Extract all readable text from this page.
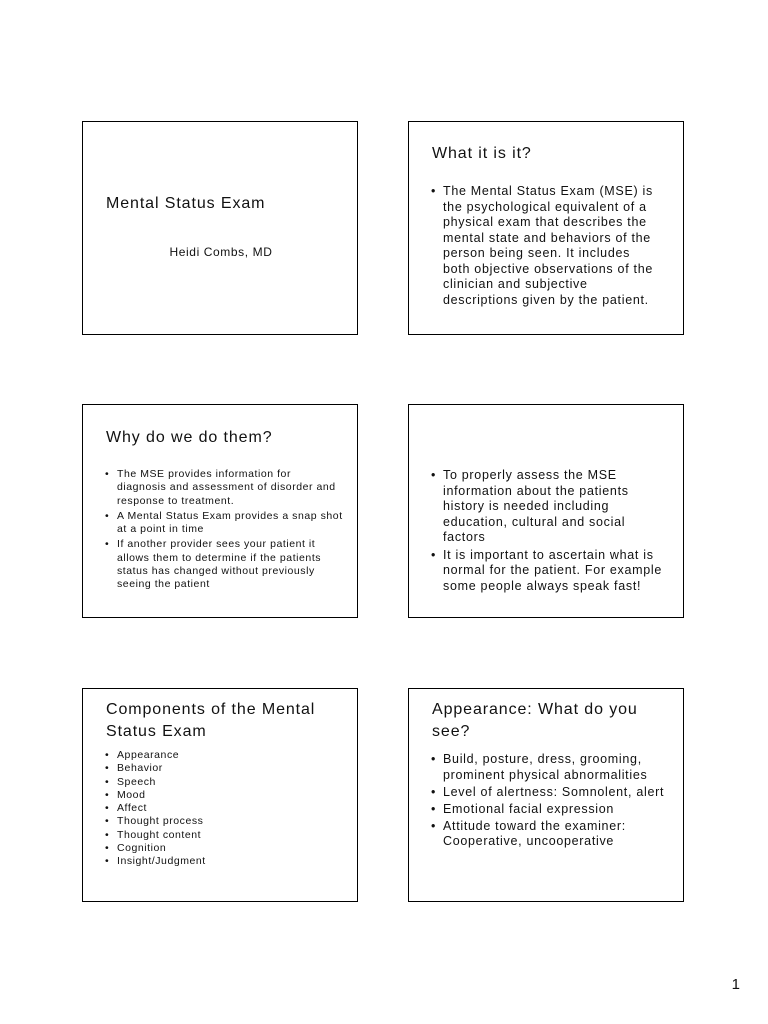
Mental Status Exam

Heidi Combs, MD

What it is it?
• The Mental Status Exam (MSE) is the psychological equivalent of a physical exam that describes the mental state and behaviors of the person being seen. It includes both objective observations of the clinician and subjective descriptions given by the patient.
Why do we do them?
• The MSE provides information for diagnosis and assessment of disorder and response to treatment.
• A Mental Status Exam provides a snap shot at a point in time
• If another provider sees your patient it allows them to determine if the patients status has changed without previously seeing the patient
• To properly assess the MSE information about the patients history is needed including education, cultural and social factors
• It is important to ascertain what is normal for the patient. For example some people always speak fast!
Components of the Mental Status Exam
• Appearance
• Behavior
• Speech
• Mood
• Affect
• Thought process
• Thought content
• Cognition
• Insight/Judgment
Appearance: What do you see?
• Build, posture, dress, grooming, prominent physical abnormalities
• Level of alertness: Somnolent, alert
• Emotional facial expression
• Attitude toward the examiner: Cooperative, uncooperative
1
